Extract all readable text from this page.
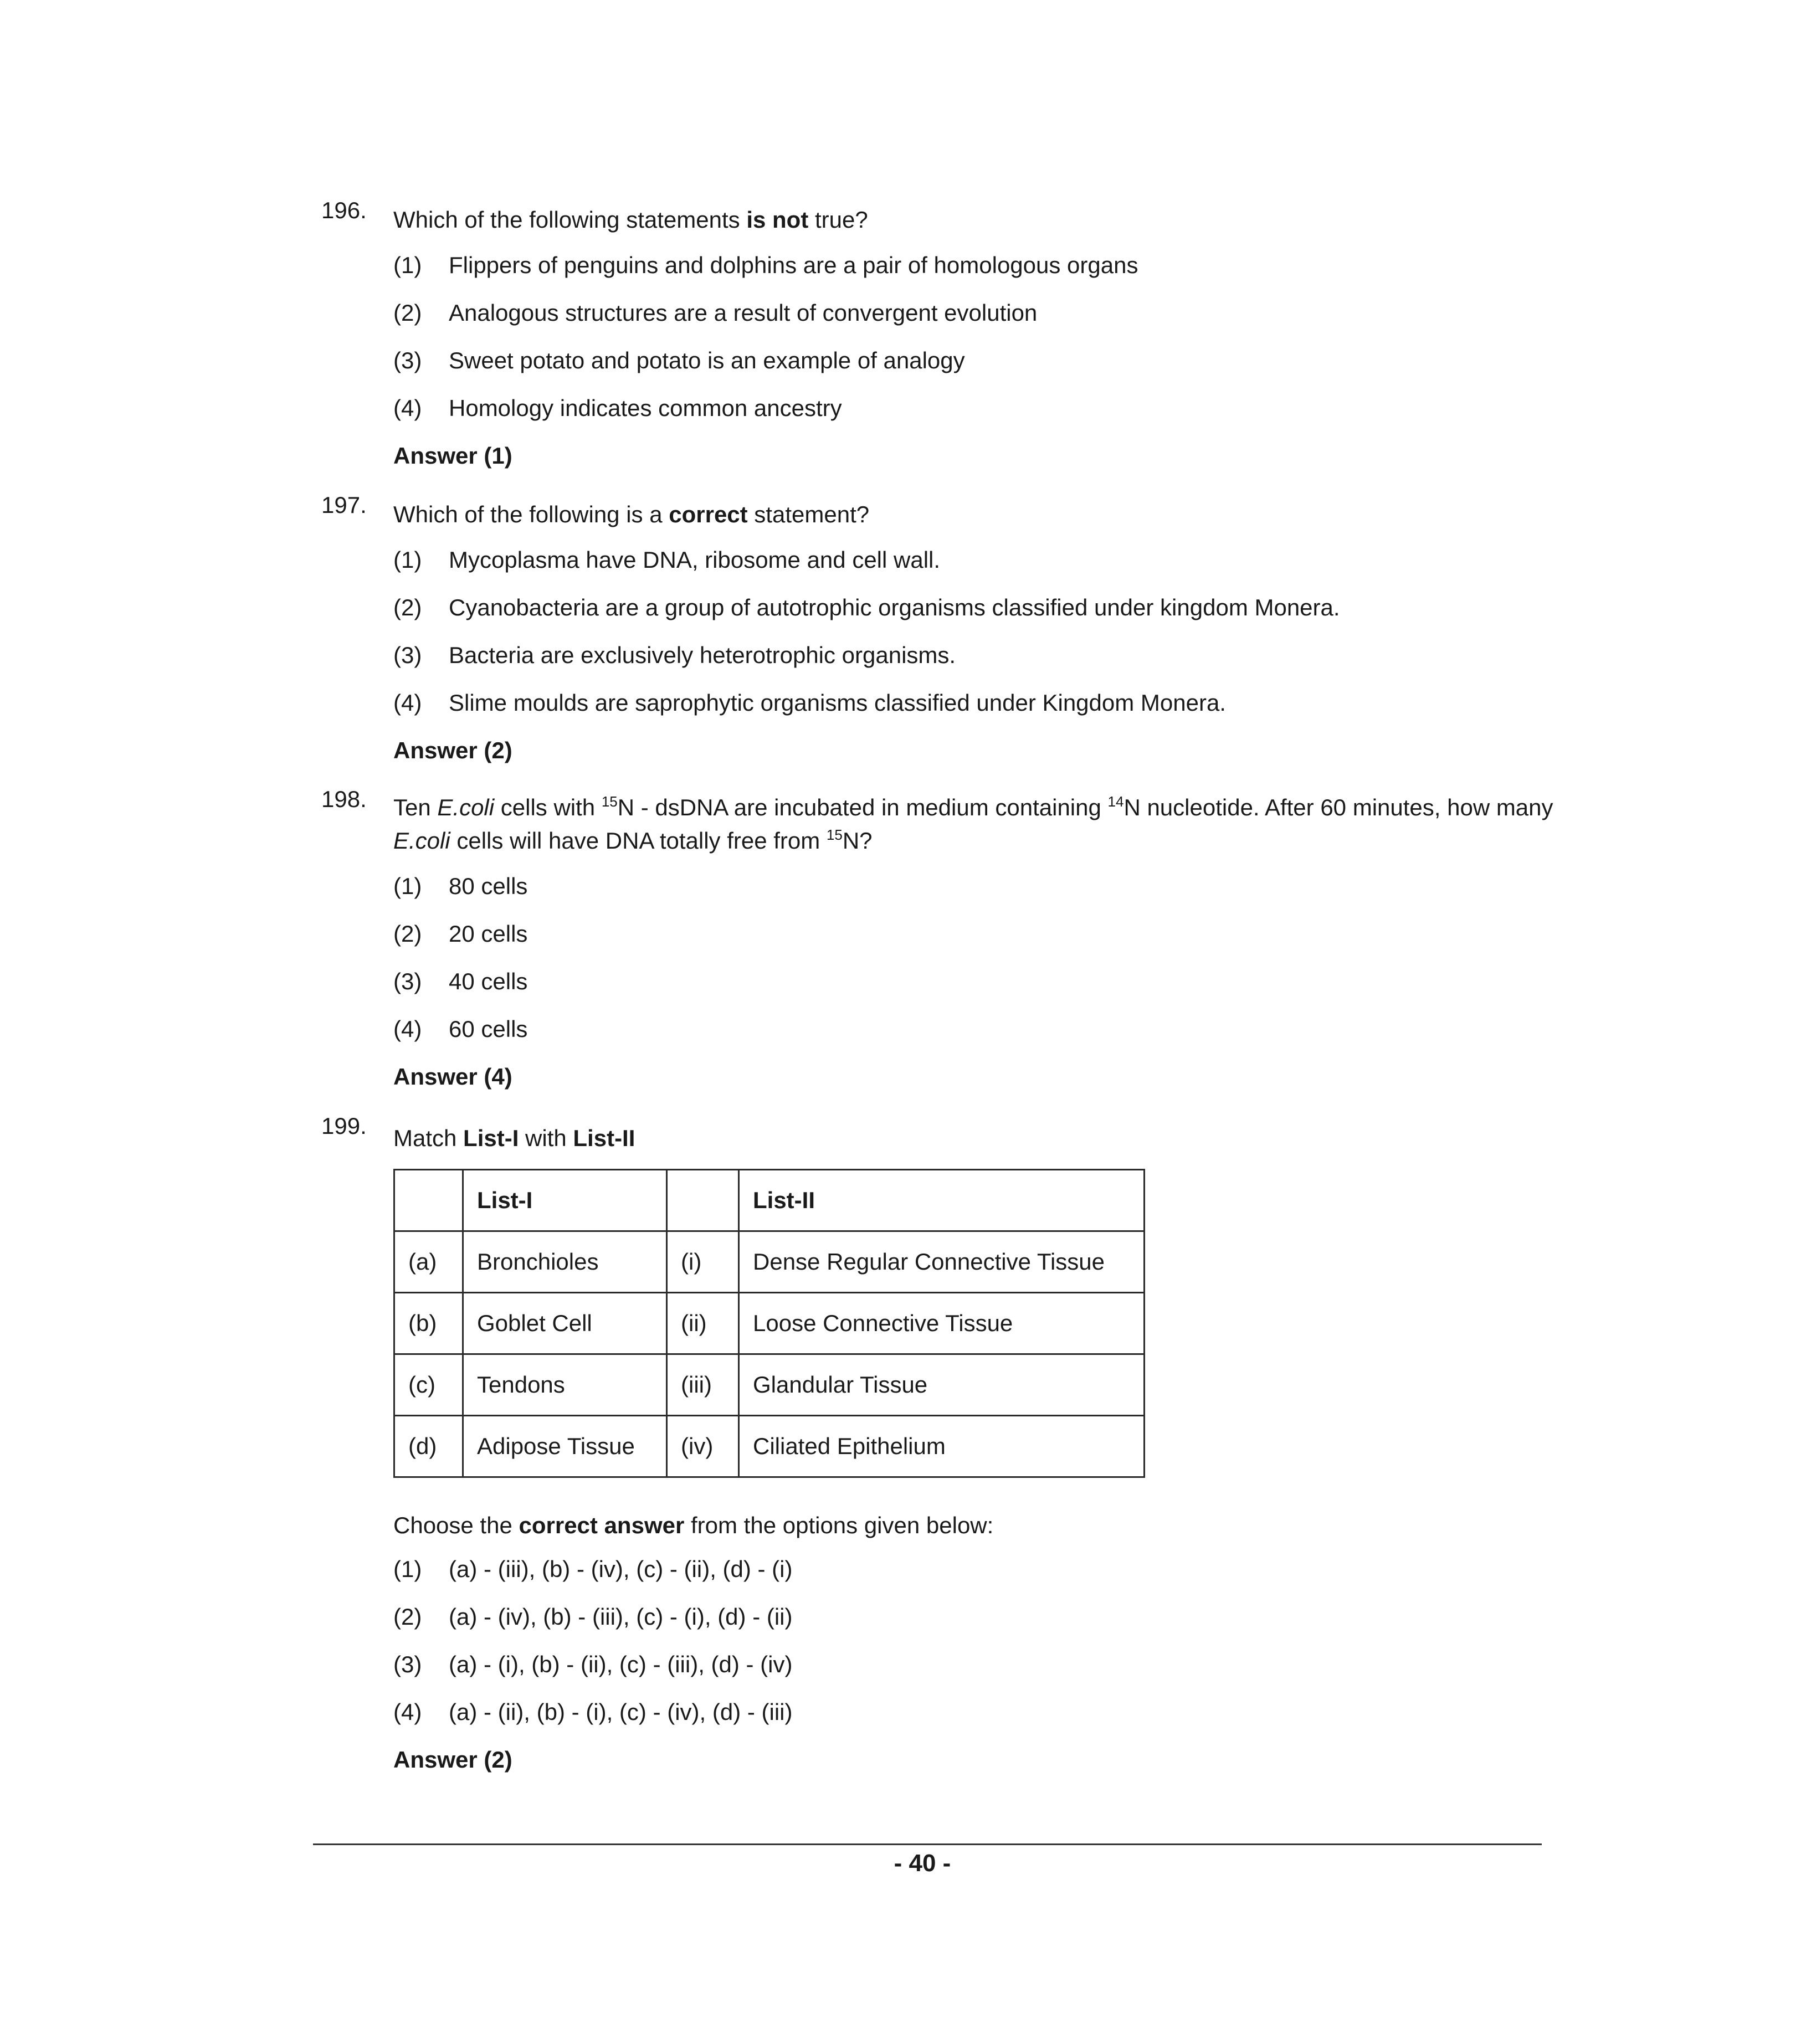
196. Which of the following statements is not true?
(1) Flippers of penguins and dolphins are a pair of homologous organs
(2) Analogous structures are a result of convergent evolution
(3) Sweet potato and potato is an example of analogy
(4) Homology indicates common ancestry
Answer (1)
197. Which of the following is a correct statement?
(1) Mycoplasma have DNA, ribosome and cell wall.
(2) Cyanobacteria are a group of autotrophic organisms classified under kingdom Monera.
(3) Bacteria are exclusively heterotrophic organisms.
(4) Slime moulds are saprophytic organisms classified under Kingdom Monera.
Answer (2)
198. Ten E.coli cells with $^{15}$N - dsDNA are incubated in medium containing $^{14}$N nucleotide. After 60 minutes, how many E.coli cells will have DNA totally free from $^{15}$N?
(1) 80 cells
(2) 20 cells
(3) 40 cells
(4) 60 cells
Answer (4)
199. Match List-I with List-II
	List-I		List-II
(a)	Bronchioles	(i)	Dense Regular Connective Tissue
(b)	Goblet Cell	(ii)	Loose Connective Tissue
(c)	Tendons	(iii)	Glandular Tissue
(d)	Adipose Tissue	(iv)	Ciliated Epithelium
Choose the correct answer from the options given below:
(1) (a) - (iii), (b) - (iv), (c) - (ii), (d) - (i)
(2) (a) - (iv), (b) - (iii), (c) - (i), (d) - (ii)
(3) (a) - (i), (b) - (ii), (c) - (iii), (d) - (iv)
(4) (a) - (ii), (b) - (i), (c) - (iv), (d) - (iii)
Answer (2)
- 40 -
